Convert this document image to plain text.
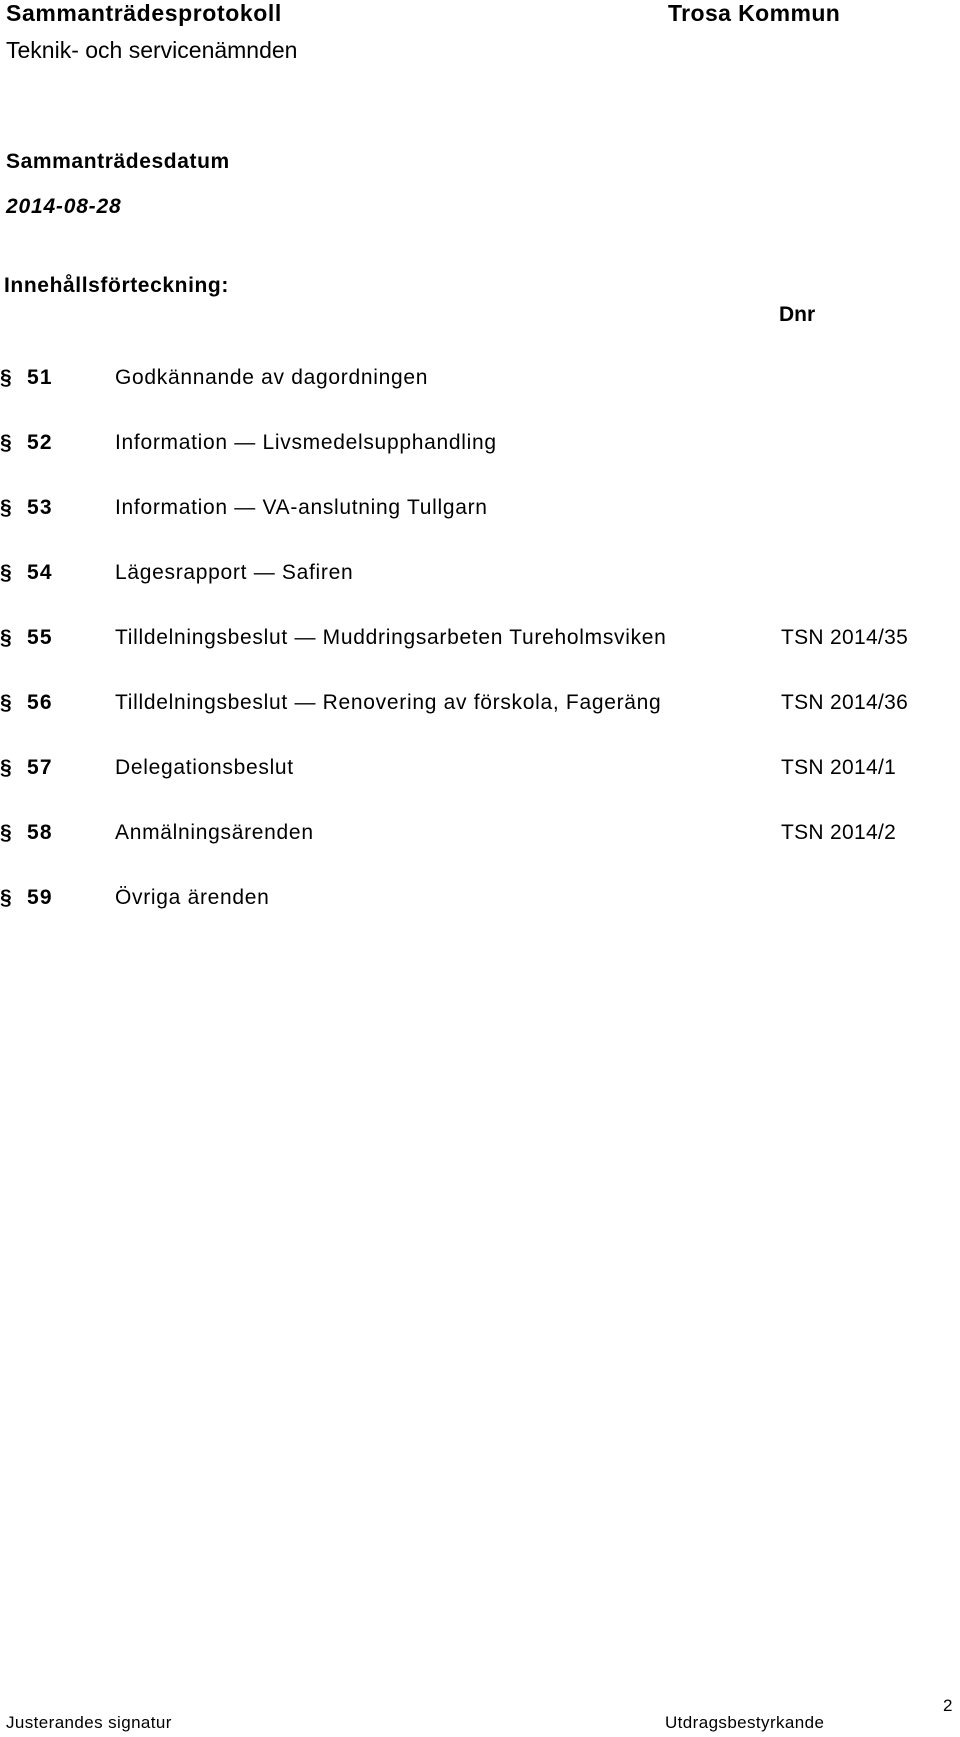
Sammanträdesprotokoll
Teknik- och servicenämnden
Trosa Kommun
Sammanträdesdatum
2014-08-28
Innehållsförteckning:
Dnr
§ 51	Godkännande av dagordningen
§ 52	Information — Livsmedelsupphandling
§ 53	Information — VA-anslutning Tullgarn
§ 54	Lägesrapport — Safiren
§ 55	Tilldelningsbeslut — Muddringsarbeten Tureholmsviken	TSN 2014/35
§ 56	Tilldelningsbeslut — Renovering av förskola, Fageräng	TSN 2014/36
§ 57	Delegationsbeslut	TSN 2014/1
§ 58	Anmälningsärenden	TSN 2014/2
§ 59	Övriga ärenden
Justerandes signatur	Utdragsbestyrkande
2
